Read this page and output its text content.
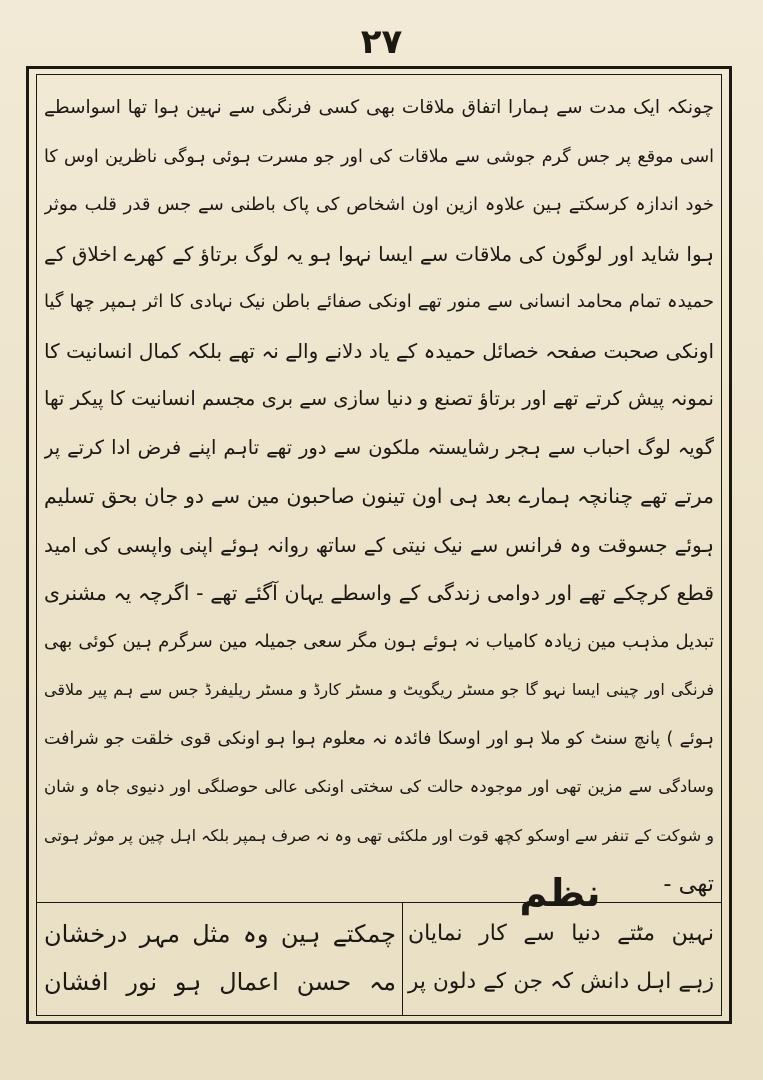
٢٧
چونکہ ایک مدت سے ہمارا اتفاق ملاقات بھی کسی فرنگی سے نہین ہوا تھا اسواسطے
اسی موقع پر جس گرم جوشی سے ملاقات کی اور جو مسرت ہوئی ہوگی ناظرین اوس کا
خود اندازہ کرسکتے ہین علاوہ ازین اون اشخاص کی پاک باطنی سے جس قدر قلب موثر
ہوا شاید اور لوگون کی ملاقات سے ایسا نہوا ہو یہ لوگ برتاؤ کے کھرے اخلاق کے
حمیدہ تمام محامد انسانی سے منور تھے اونکی صفائے باطن نیک نہادی کا اثر ہمپر چھا گیا
اونکی صحبت صفحہ خصائل حمیدہ کے یاد دلانے والے نہ تھے بلکہ کمال انسانیت کا
نمونہ پیش کرتے تھے اور برتاؤ تصنع و دنیا سازی سے بری مجسم انسانیت کا پیکر تھا
گویہ لوگ احباب سے ہجر رشایستہ ملکون سے دور تھے تاہم اپنے فرض ادا کرتے پر
مرتے تھے چنانچہ ہمارے بعد ہی اون تینون صاحبون مین سے دو جان بحق تسلیم
ہوئے جسوقت وہ فرانس سے نیک نیتی کے ساتھ روانہ ہوئے اپنی واپسی کی امید
قطع کرچکے تھے اور دوامی زندگی کے واسطے یہان آگئے تھے - اگرچہ یہ مشنری
تبدیل مذہب مین زیادہ کامیاب نہ ہوئے ہون مگر سعی جمیلہ مین سرگرم ہین کوئی بھی
فرنگی اور چینی ایسا نہو گا جو مسٹر ریگویٹ و مسٹر کارڈ و مسٹر ریلیفرڈ جس سے ہم پیر ملاقی
ہوئے ) پانچ سنٹ کو ملا ہو اور اوسکا فائدہ نہ معلوم ہوا ہو اونکی قوی خلقت جو شرافت
وسادگی سے مزین تھی اور موجودہ حالت کی سختی اونکی عالی حوصلگی اور دنیوی جاہ و شان
و شوکت کے تنفر سے اوسکو کچھ قوت اور ملکئی تھی وہ نہ صرف ہمپر بلکہ اہل چین پر موثر ہوتی
تھی -
نظم
نہین مٹتے دنیا سے کار نمایان
زہے اہل دانش کہ جن کے دلون پر
چمکتے ہین وہ مثل مہر درخشان
مہ حسن اعمال ہو نور افشان
